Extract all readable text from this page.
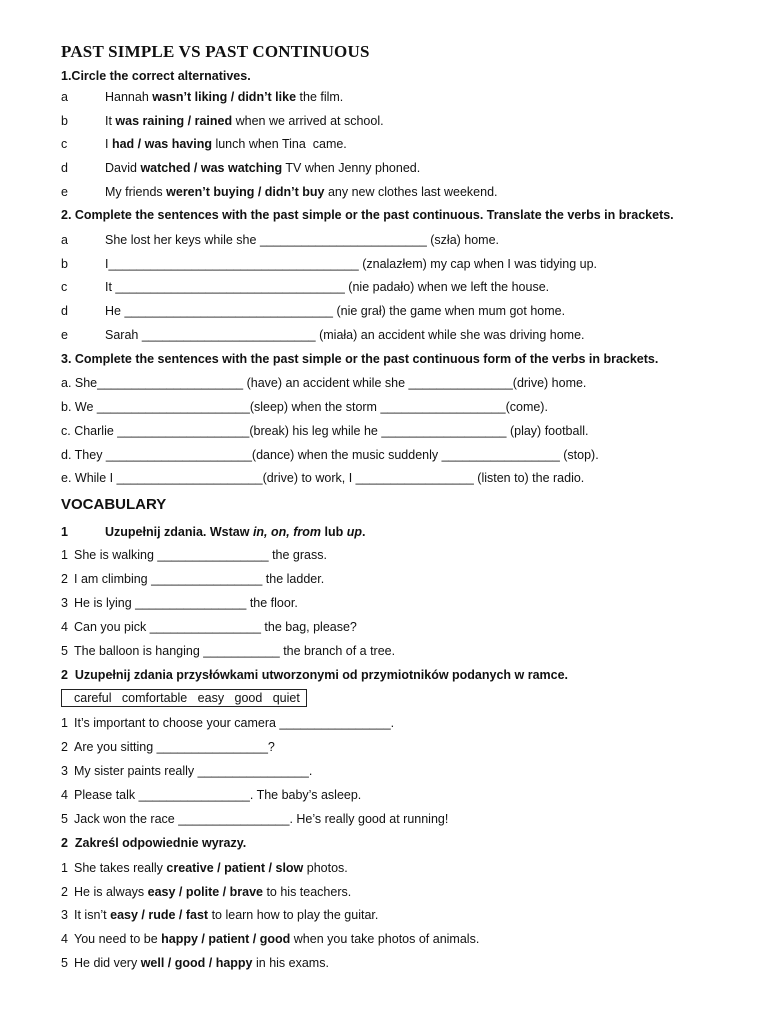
PAST SIMPLE VS PAST CONTINUOUS
1.Circle the correct alternatives.
a	Hannah wasn’t liking / didn’t like the film.
b	It was raining / rained when we arrived at school.
c	I had / was having lunch when Tina  came.
d	David watched / was watching TV when Jenny phoned.
e	My friends weren’t buying / didn’t buy any new clothes last weekend.
2. Complete the sentences with the past simple or the past continuous. Translate the verbs in brackets.
a	She lost her keys while she ________________________ (szła) home.
b	I____________________________________ (znalazłem) my cap when I was tidying up.
c	It _________________________________ (nie padało) when we left the house.
d	He ______________________________ (nie grał) the game when mum got home.
e	Sarah _________________________ (miała) an accident while she was driving home.
3. Complete the sentences with the past simple or the past continuous form of the verbs in brackets.
a. She_____________________ (have) an accident while she _______________(drive) home.
b. We ______________________(sleep) when the storm __________________(come).
c. Charlie ___________________(break) his leg while he __________________ (play) football.
d. They _____________________(dance) when the music suddenly _________________ (stop).
e. While I _____________________(drive) to work, I _________________ (listen to) the radio.
VOCABULARY
1	Uzupełnij zdania. Wstaw in, on, from lub up.
1 She is walking ________________ the grass.
2 I am climbing ________________ the ladder.
3 He is lying ________________ the floor.
4 Can you pick ________________ the bag, please?
5 The balloon is hanging ___________ the branch of a tree.
2  Uzupełnij zdania przysłówkami utworzonymi od przymiotników podanych w ramce.
careful   comfortable   easy   good   quiet
1 It’s important to choose your camera ________________.
2 Are you sitting ________________?
3 My sister paints really ________________.
4 Please talk ________________. The baby’s asleep.
5 Jack won the race ________________. He’s really good at running!
2  Zakreśl odpowiednie wyrazy.
1 She takes really creative / patient / slow photos.
2 He is always easy / polite / brave to his teachers.
3 It isn’t easy / rude / fast to learn how to play the guitar.
4 You need to be happy / patient / good when you take photos of animals.
5 He did very well / good / happy in his exams.
